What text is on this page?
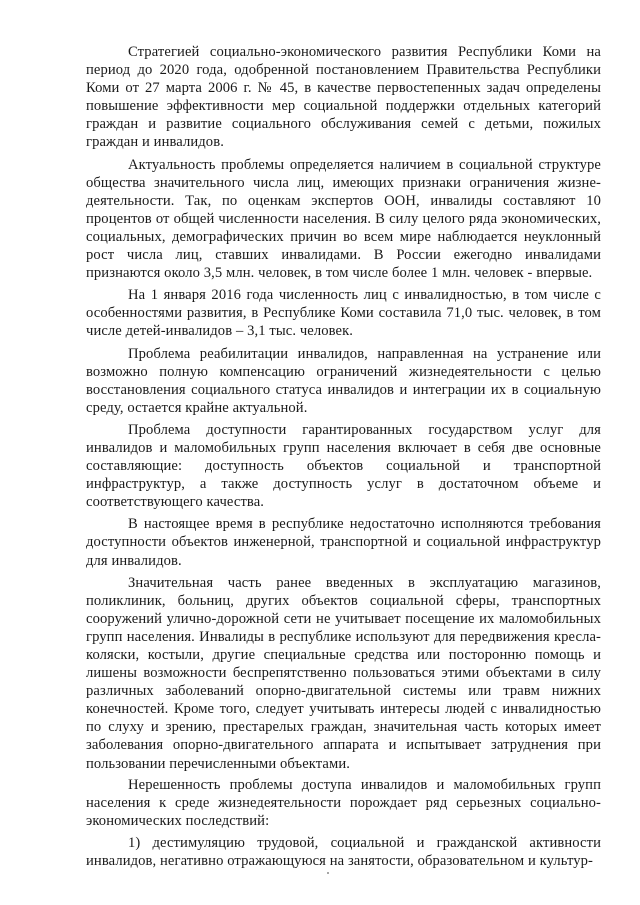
Стратегией социально-экономического развития Республики Коми на период до 2020 года, одобренной постановлением Правительства Республики Коми от 27 марта 2006 г. № 45, в качестве первостепенных задач определены повышение эффективности мер социальной поддержки отдельных категорий граждан и развитие социального обслуживания семей с детьми, пожилых граждан и инвалидов.

Актуальность проблемы определяется наличием в социальной структуре общества значительного числа лиц, имеющих признаки ограничения жизне-деятельности. Так, по оценкам экспертов ООН, инвалиды составляют 10 процентов от общей численности населения. В силу целого ряда экономических, социальных, демографических причин во всем мире наблюдается неуклонный рост числа лиц, ставших инвалидами. В России ежегодно инвалидами признаются около 3,5 млн. человек, в том числе более 1 млн. человек - впервые.

На 1 января 2016 года численность лиц с инвалидностью, в том числе с особенностями развития, в Республике Коми составила 71,0 тыс. человек, в том числе детей-инвалидов – 3,1 тыс. человек.

Проблема реабилитации инвалидов, направленная на устранение или возможно полную компенсацию ограничений жизнедеятельности с целью восстановления социального статуса инвалидов и интеграции их в социальную среду, остается крайне актуальной.

Проблема доступности гарантированных государством услуг для инвалидов и маломобильных групп населения включает в себя две основные составляющие: доступность объектов социальной и транспортной инфраструктур, а также доступность услуг в достаточном объеме и соответствующего качества.

В настоящее время в республике недостаточно исполняются требования доступности объектов инженерной, транспортной и социальной инфраструктур для инвалидов.

Значительная часть ранее введенных в эксплуатацию магазинов, поликлиник, больниц, других объектов социальной сферы, транспортных сооружений улично-дорожной сети не учитывает посещение их маломобильных групп населения. Инвалиды в республике используют для передвижения кресла-коляски, костыли, другие специальные средства или посторонню помощь и лишены возможности беспрепятственно пользоваться этими объектами в силу различных заболеваний опорно-двигательной системы или травм нижних конечностей. Кроме того, следует учитывать интересы людей с инвалидностью по слуху и зрению, престарелых граждан, значительная часть которых имеет заболевания опорно-двигательного аппарата и испытывает затруднения при пользовании перечисленными объектами.

Нерешенность проблемы доступа инвалидов и маломобильных групп населения к среде жизнедеятельности порождает ряд серьезных социально-экономических последствий:

1) дестимуляцию трудовой, социальной и гражданской активности инвалидов, негативно отражающуюся на занятости, образовательном и культур-
